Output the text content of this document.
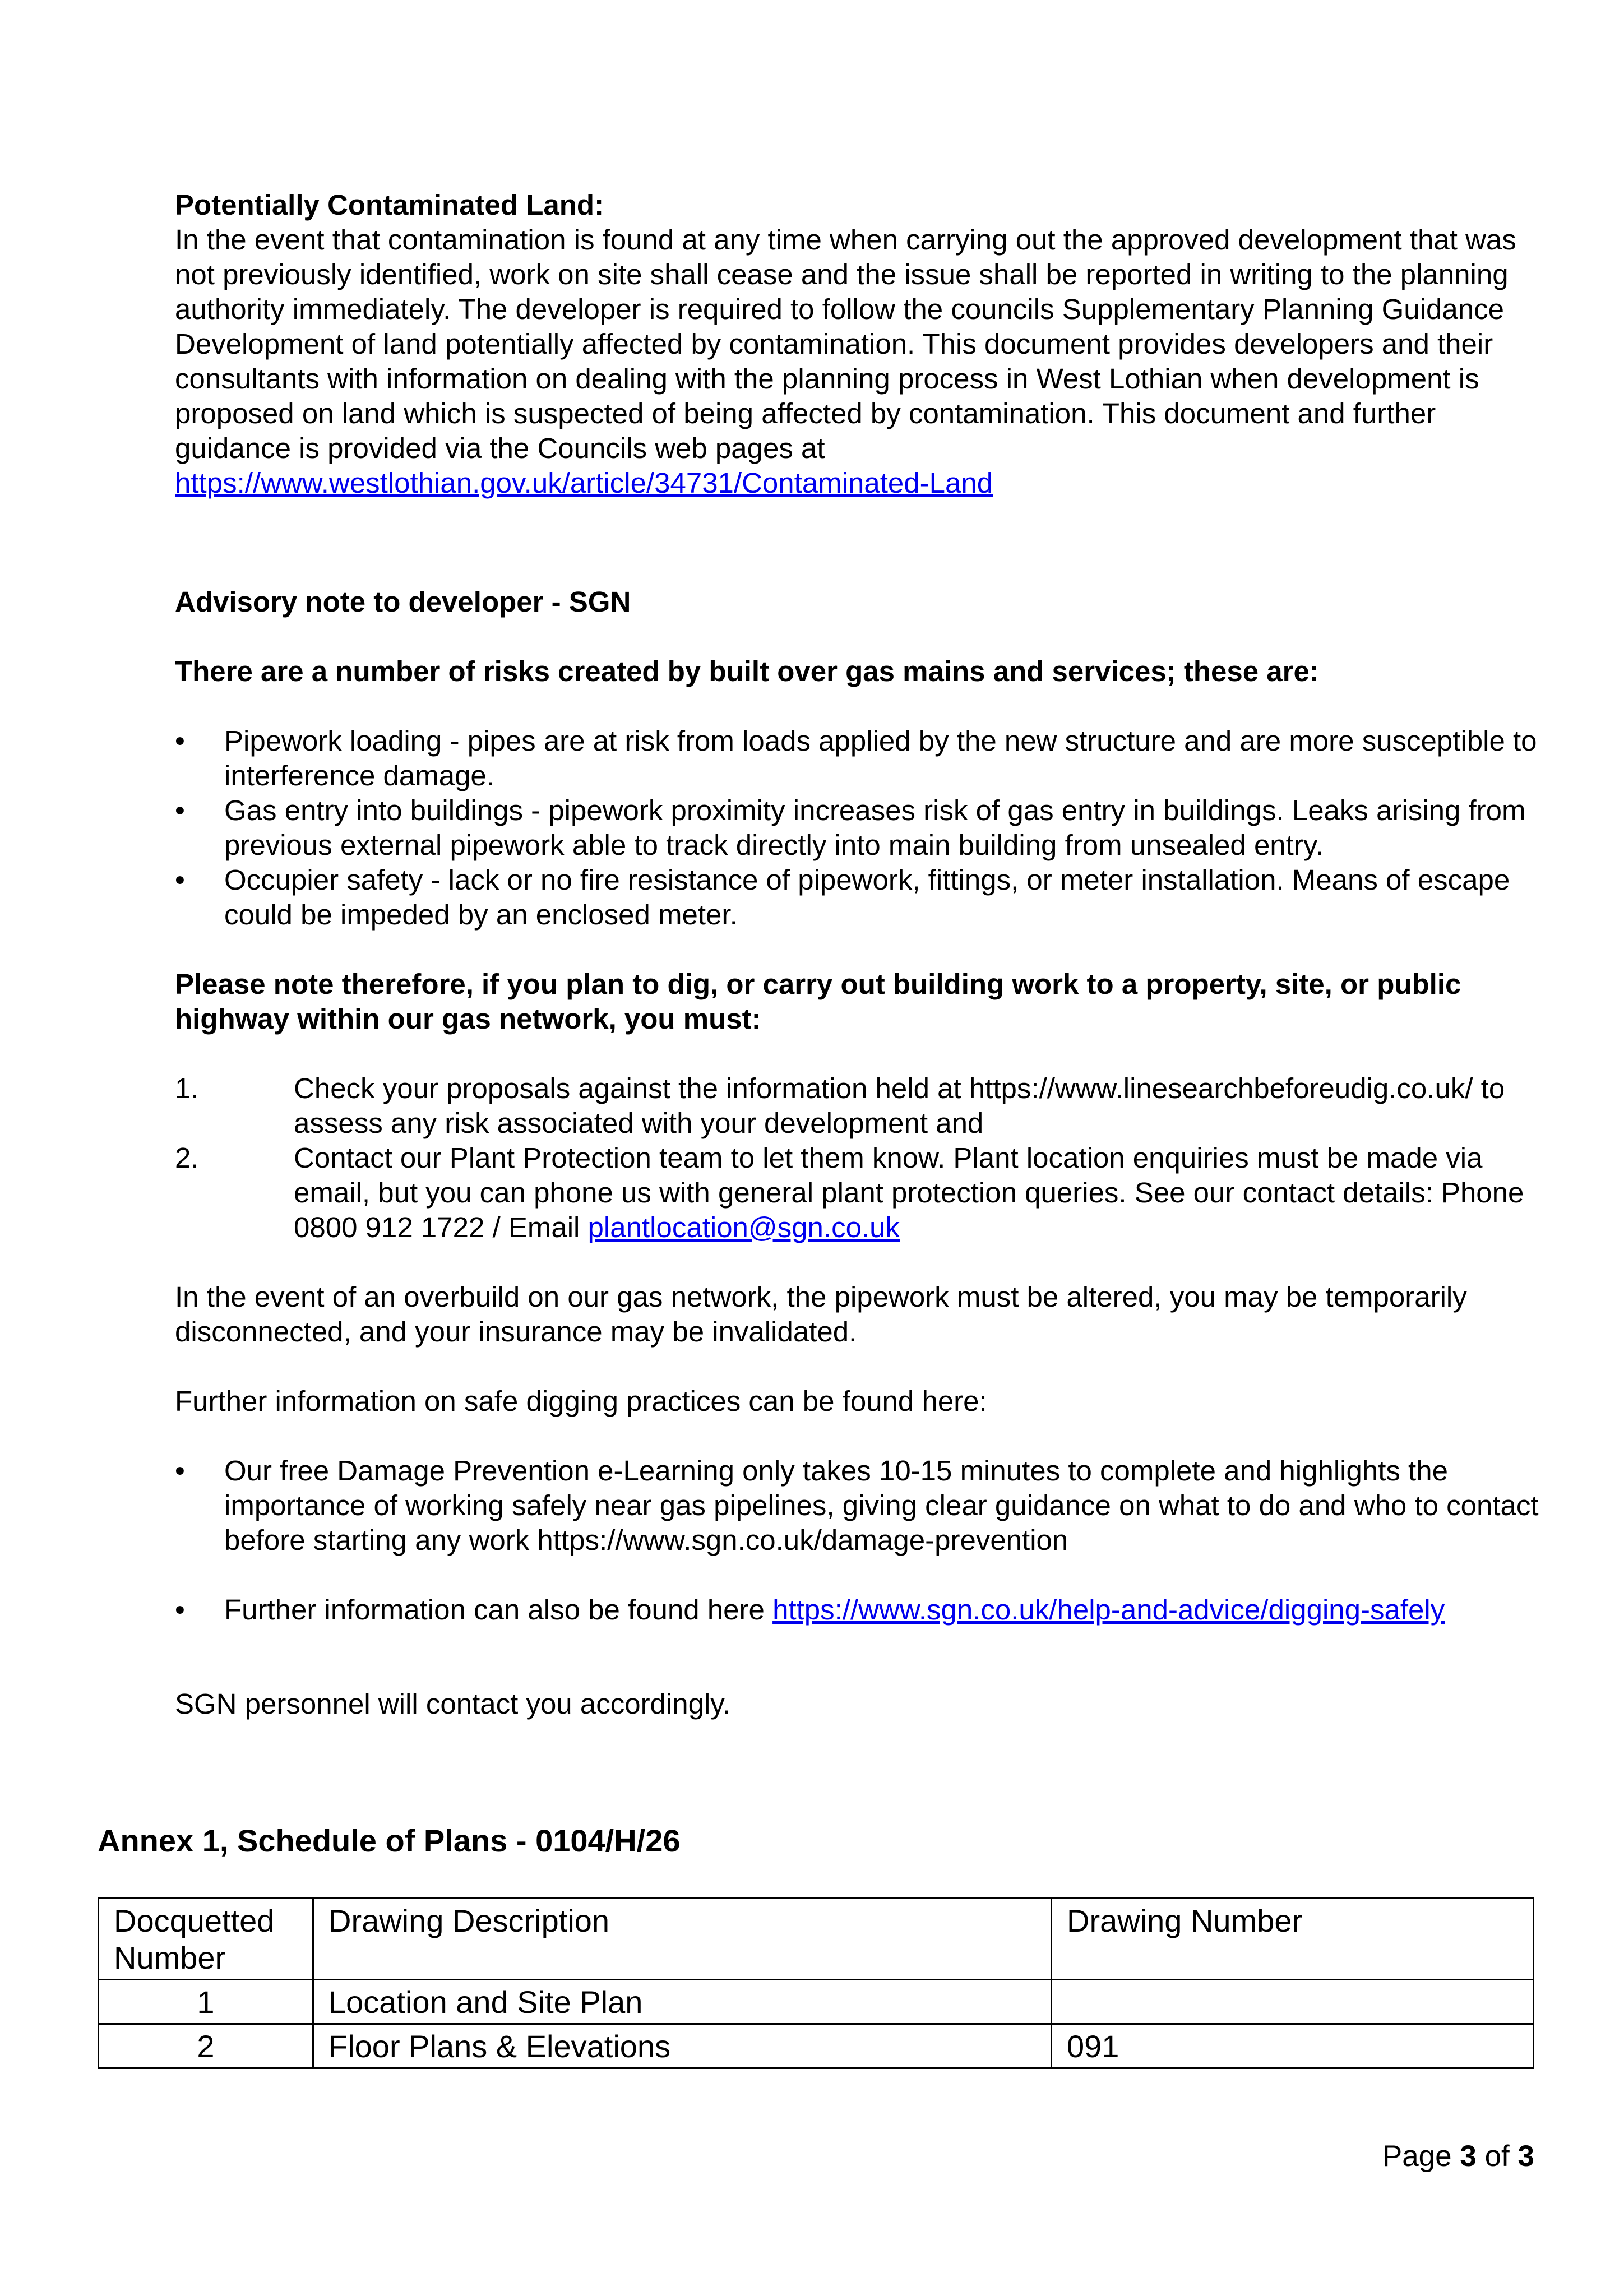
Potentially Contaminated Land:

In the event that contamination is found at any time when carrying out the approved development that was not previously identified, work on site shall cease and the issue shall be reported in writing to the planning authority immediately. The developer is required to follow the councils Supplementary Planning Guidance Development of land potentially affected by contamination. This document provides developers and their consultants with information on dealing with the planning process in West Lothian when development is proposed on land which is suspected of being affected by contamination. This document and further guidance is provided via the Councils web pages at https://www.westlothian.gov.uk/article/34731/Contaminated-Land

Advisory note to developer - SGN

There are a number of risks created by built over gas mains and services; these are:

•	Pipework loading - pipes are at risk from loads applied by the new structure and are more susceptible to interference damage.
•	Gas entry into buildings - pipework proximity increases risk of gas entry in buildings. Leaks arising from previous external pipework able to track directly into main building from unsealed entry.
•	Occupier safety - lack or no fire resistance of pipework, fittings, or meter installation. Means of escape could be impeded by an enclosed meter.

Please note therefore, if you plan to dig, or carry out building work to a property, site, or public highway within our gas network, you must:

1.	Check your proposals against the information held at https://www.linesearchbeforeudig.co.uk/ to assess any risk associated with your development and
2.	Contact our Plant Protection team to let them know. Plant location enquiries must be made via email, but you can phone us with general plant protection queries. See our contact details: Phone 0800 912 1722 / Email plantlocation@sgn.co.uk

In the event of an overbuild on our gas network, the pipework must be altered, you may be temporarily disconnected, and your insurance may be invalidated.

Further information on safe digging practices can be found here:

•	Our free Damage Prevention e-Learning only takes 10-15 minutes to complete and highlights the importance of working safely near gas pipelines, giving clear guidance on what to do and who to contact before starting any work https://www.sgn.co.uk/damage-prevention
•	Further information can also be found here https://www.sgn.co.uk/help-and-advice/digging-safely

SGN personnel will contact you accordingly.

Annex 1, Schedule of Plans - 0104/H/26

Docquetted Number	Drawing Description	Drawing Number
1	Location and Site Plan	
2	Floor Plans & Elevations	091
Page 3 of 3
